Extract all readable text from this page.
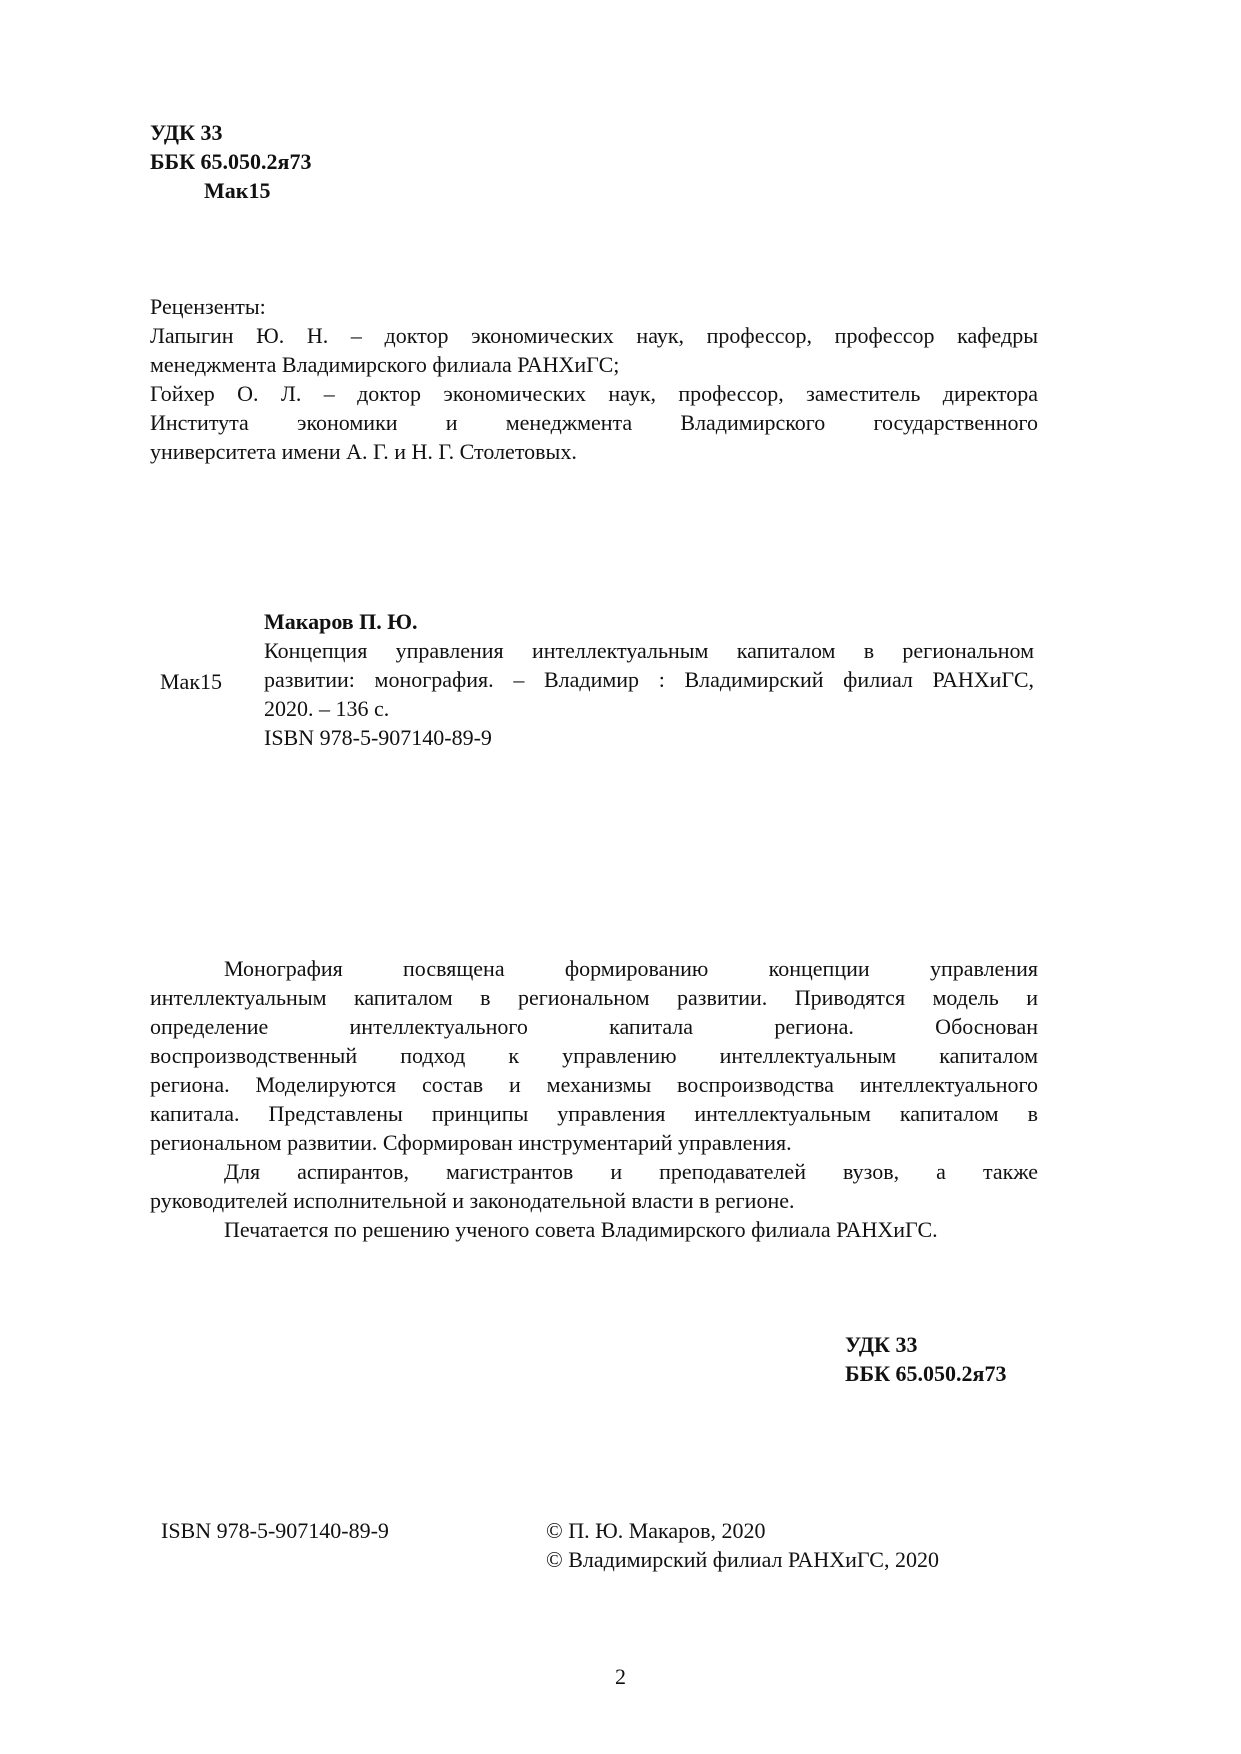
УДК 33
ББК 65.050.2я73
Мак15
Рецензенты:
Лапыгин Ю. Н. – доктор экономических наук, профессор, профессор кафедры
менеджмента Владимирского филиала РАНХиГС;
Гойхер О. Л. – доктор экономических наук, профессор, заместитель директора
Института экономики и менеджмента Владимирского государственного
университета имени А. Г. и Н. Г. Столетовых.
Мак15
Макаров П. Ю.
Концепция управления интеллектуальным капиталом в региональном
развитии: монография. – Владимир : Владимирский филиал РАНХиГС,
2020. – 136 с.
ISBN 978-5-907140-89-9
Монография посвящена формированию концепции управления
интеллектуальным капиталом в региональном развитии. Приводятся модель и
определение интеллектуального капитала региона. Обоснован
воспроизводственный подход к управлению интеллектуальным капиталом
региона. Моделируются состав и механизмы воспроизводства интеллектуального
капитала. Представлены принципы управления интеллектуальным капиталом в
региональном развитии. Сформирован инструментарий управления.
Для аспирантов, магистрантов и преподавателей вузов, а также
руководителей исполнительной и законодательной власти в регионе.
Печатается по решению ученого совета Владимирского филиала РАНХиГС.
УДК 33
ББК 65.050.2я73
ISBN 978-5-907140-89-9	© П. Ю. Макаров, 2020
© Владимирский филиал РАНХиГС, 2020
2
